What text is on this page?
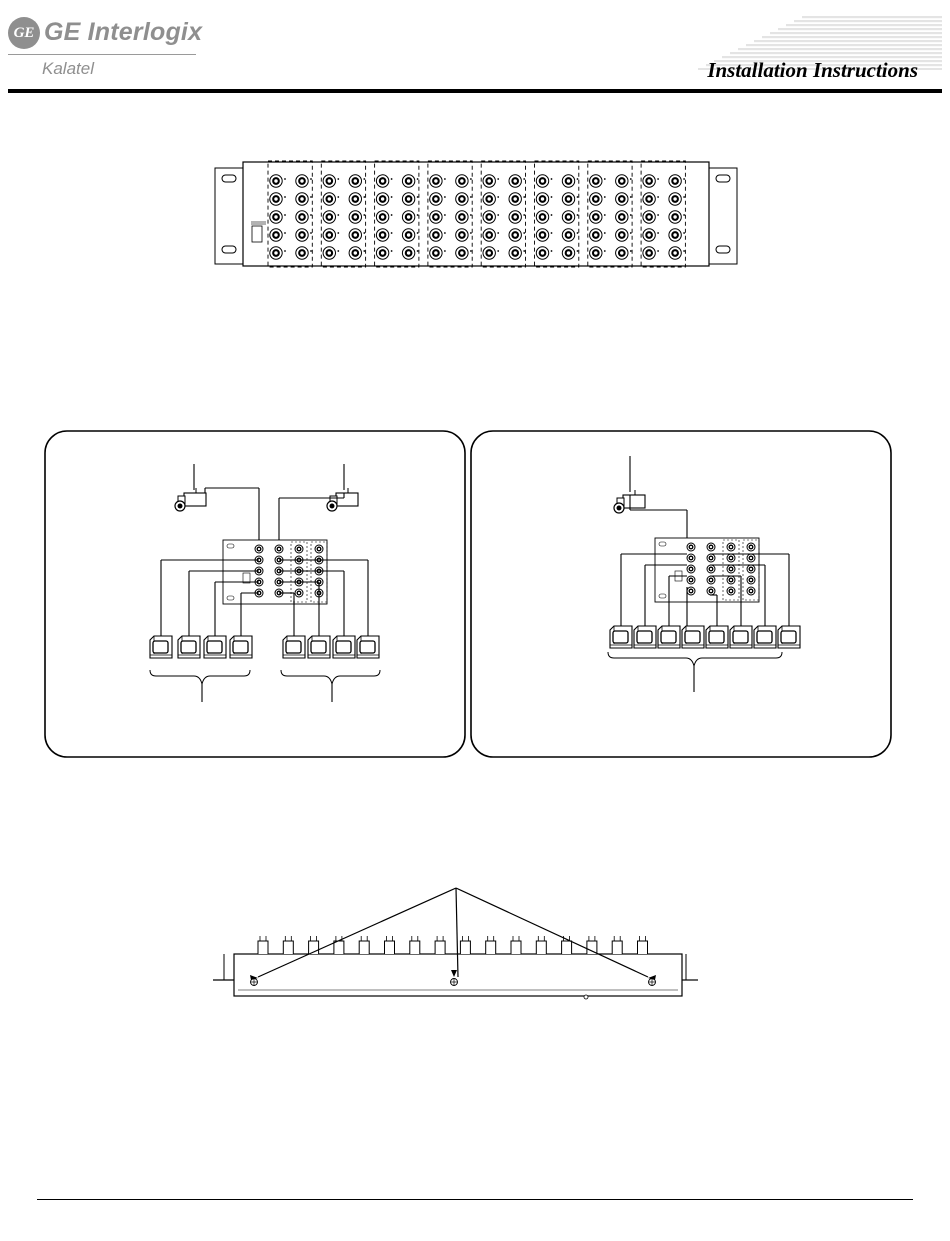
GE GE Interlogix
Kalatel	Installation Instructions
